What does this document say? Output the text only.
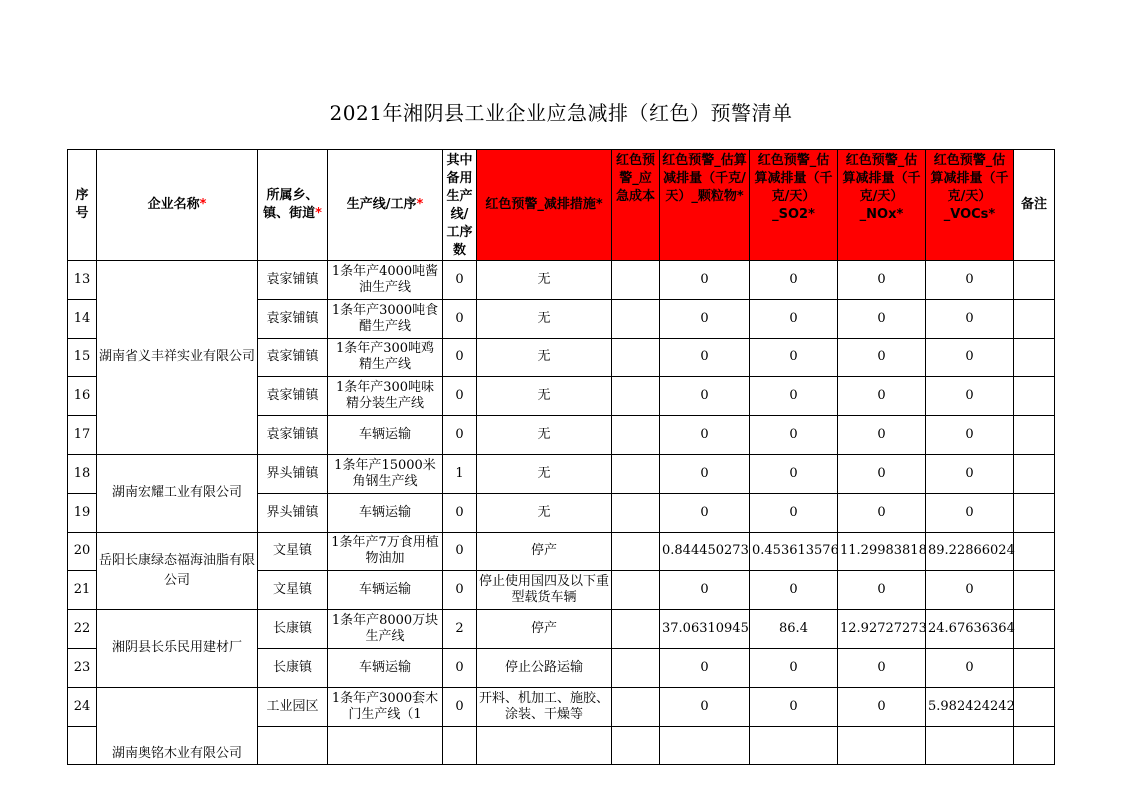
2021年湘阴县工业企业应急减排（红色）预警清单
序号	企业名称*	所属乡、镇、街道*	生产线/工序*	其中备用生产线/工序数	红色预警_减排措施*	红色预警_应急成本	红色预警_估算减排量（千克/天）_颗粒物*	红色预警_估算减排量（千克/天）_SO2*	红色预警_估算减排量（千克/天）_NOx*	红色预警_估算减排量（千克/天）_VOCs*	备注
13	湖南省义丰祥实业有限公司	袁家铺镇	1条年产4000吨酱油生产线	0	无		0	0	0	0	
14		袁家铺镇	1条年产3000吨食醋生产线	0	无		0	0	0	0	
15		袁家铺镇	1条年产300吨鸡精生产线	0	无		0	0	0	0	
16		袁家铺镇	1条年产300吨味精分装生产线	0	无		0	0	0	0	
17		袁家铺镇	车辆运输	0	无		0	0	0	0	
18	湖南宏耀工业有限公司	界头铺镇	1条年产15000米角钢生产线	1	无		0	0	0	0	
19		界头铺镇	车辆运输	0	无		0	0	0	0	
20	岳阳长康绿态福海油脂有限公司	文星镇	1条年产7万食用植物油加	0	停产		0.844450273	0.453613576	11.29983818	89.22866024	
21		文星镇	车辆运输	0	停止使用国四及以下重型载货车辆		0	0	0	0	
22	湘阴县长乐民用建材厂	长康镇	1条年产8000万块生产线	2	停产		37.06310945	86.4	12.92727273	24.67636364	
23		长康镇	车辆运输	0	停止公路运输		0	0	0	0	
24	湖南奥铭木业有限公司	工业园区	1条年产3000套木门生产线（1	0	开料、机加工、施胶、涂装、干燥等		0	0	0	5.982424242	
